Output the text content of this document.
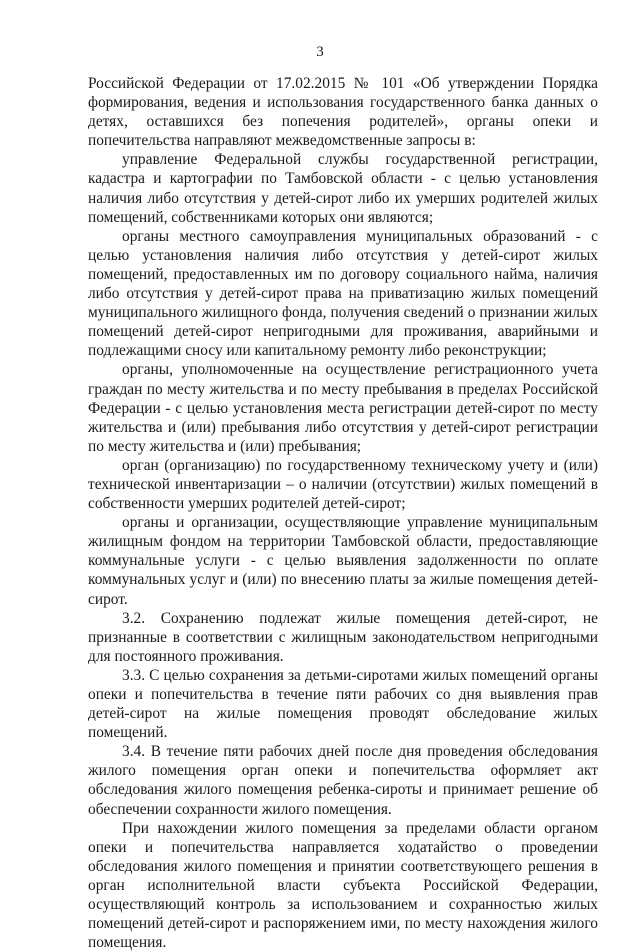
3

Российской Федерации от 17.02.2015 № 101 «Об утверждении Порядка формирования, ведения и использования государственного банка данных о детях, оставшихся без попечения родителей», органы опеки и попечительства направляют межведомственные запросы в:

управление Федеральной службы государственной регистрации, кадастра и картографии по Тамбовской области - с целью установления наличия либо отсутствия у детей-сирот либо их умерших родителей жилых помещений, собственниками которых они являются;

органы местного самоуправления муниципальных образований - с целью установления наличия либо отсутствия у детей-сирот жилых помещений, предоставленных им по договору социального найма, наличия либо отсутствия у детей-сирот права на приватизацию жилых помещений муниципального жилищного фонда, получения сведений о признании жилых помещений детей-сирот непригодными для проживания, аварийными и подлежащими сносу или капитальному ремонту либо реконструкции;

органы, уполномоченные на осуществление регистрационного учета граждан по месту жительства и по месту пребывания в пределах Российской Федерации - с целью установления места регистрации детей-сирот по месту жительства и (или) пребывания либо отсутствия у детей-сирот регистрации по месту жительства и (или) пребывания;

орган (организацию) по государственному техническому учету и (или) технической инвентаризации – о наличии (отсутствии) жилых помещений в собственности умерших родителей детей-сирот;

органы и организации, осуществляющие управление муниципальным жилищным фондом на территории Тамбовской области, предоставляющие коммунальные услуги - с целью выявления задолженности по оплате коммунальных услуг и (или) по внесению платы за жилые помещения детей-сирот.

3.2. Сохранению подлежат жилые помещения детей-сирот, не признанные в соответствии с жилищным законодательством непригодными для постоянного проживания.

3.3. С целью сохранения за детьми-сиротами жилых помещений органы опеки и попечительства в течение пяти рабочих со дня выявления прав детей-сирот на жилые помещения проводят обследование жилых помещений.

3.4. В течение пяти рабочих дней после дня проведения обследования жилого помещения орган опеки и попечительства оформляет акт обследования жилого помещения ребенка-сироты и принимает решение об обеспечении сохранности жилого помещения.

При нахождении жилого помещения за пределами области органом опеки и попечительства направляется ходатайство о проведении обследования жилого помещения и принятии соответствующего решения в орган исполнительной власти субъекта Российской Федерации, осуществляющий контроль за использованием и сохранностью жилых помещений детей-сирот и распоряжением ими, по месту нахождения жилого помещения.
